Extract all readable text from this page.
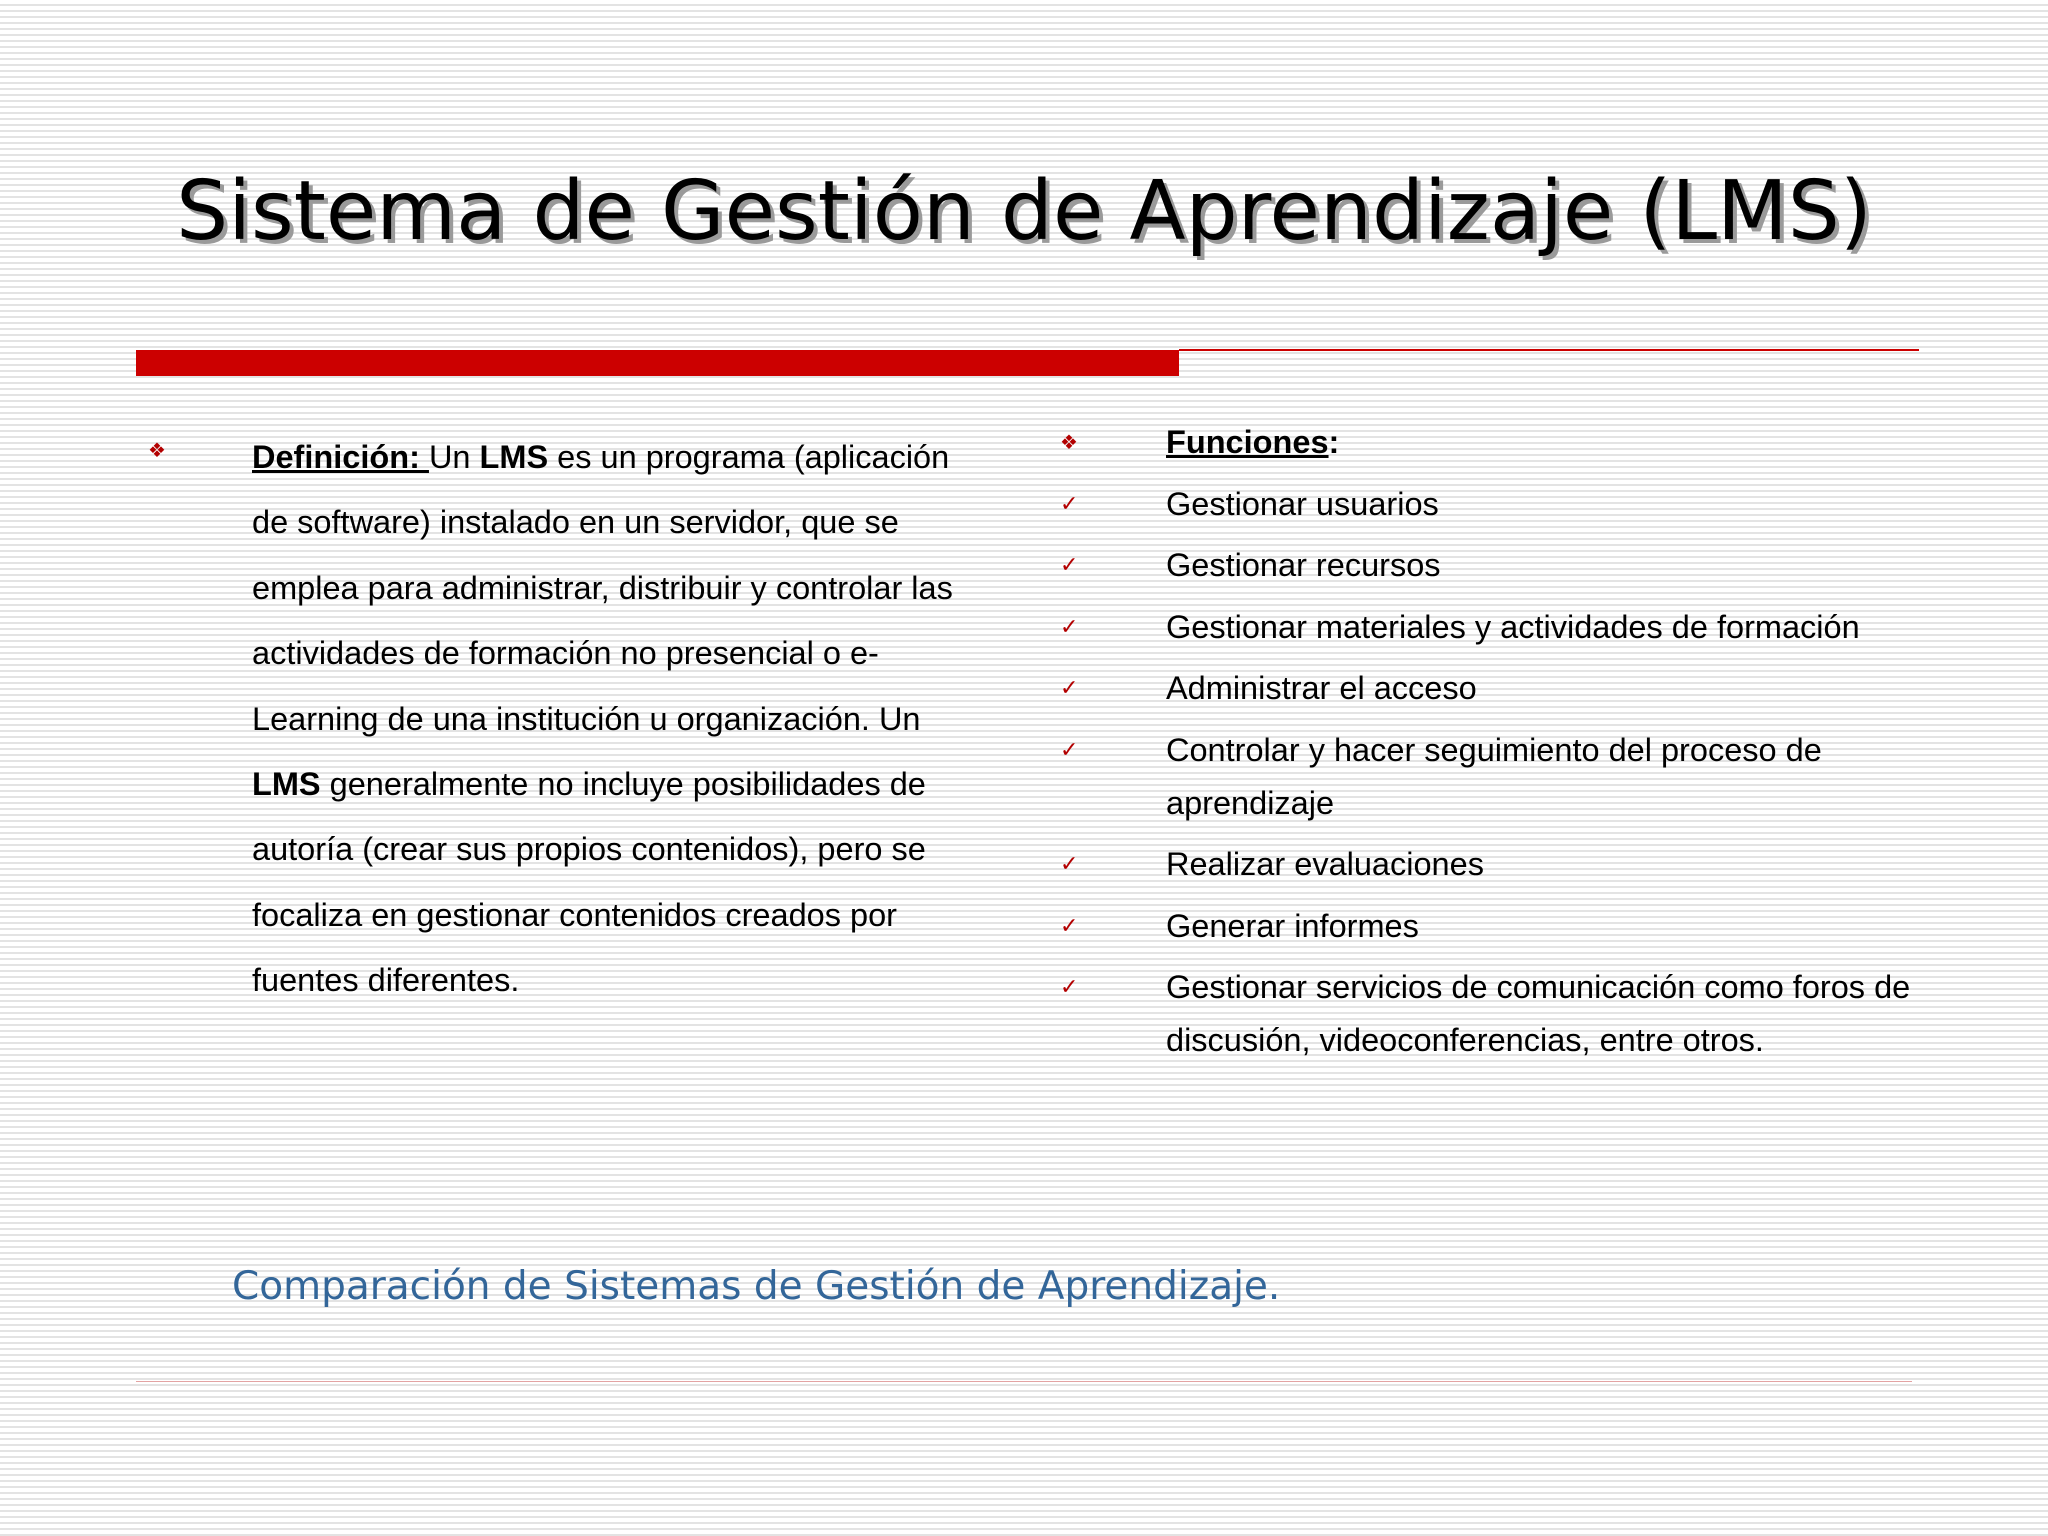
Sistema de Gestión de Aprendizaje (LMS)
❖	Definición: Un LMS es un programa (aplicación de software) instalado en un servidor, que se emplea para administrar, distribuir y controlar las actividades de formación no presencial o e-Learning de una institución u organización. Un LMS generalmente no incluye posibilidades de autoría (crear sus propios contenidos), pero se focaliza en gestionar contenidos creados por fuentes diferentes.

❖	Funciones:
✓	Gestionar usuarios
✓	Gestionar recursos
✓	Gestionar materiales y actividades de formación
✓	Administrar el acceso
✓	Controlar y hacer seguimiento del proceso de aprendizaje
✓	Realizar evaluaciones
✓	Generar informes
✓	Gestionar servicios de comunicación como foros de discusión, videoconferencias, entre otros.
Comparación de Sistemas de Gestión de Aprendizaje.
